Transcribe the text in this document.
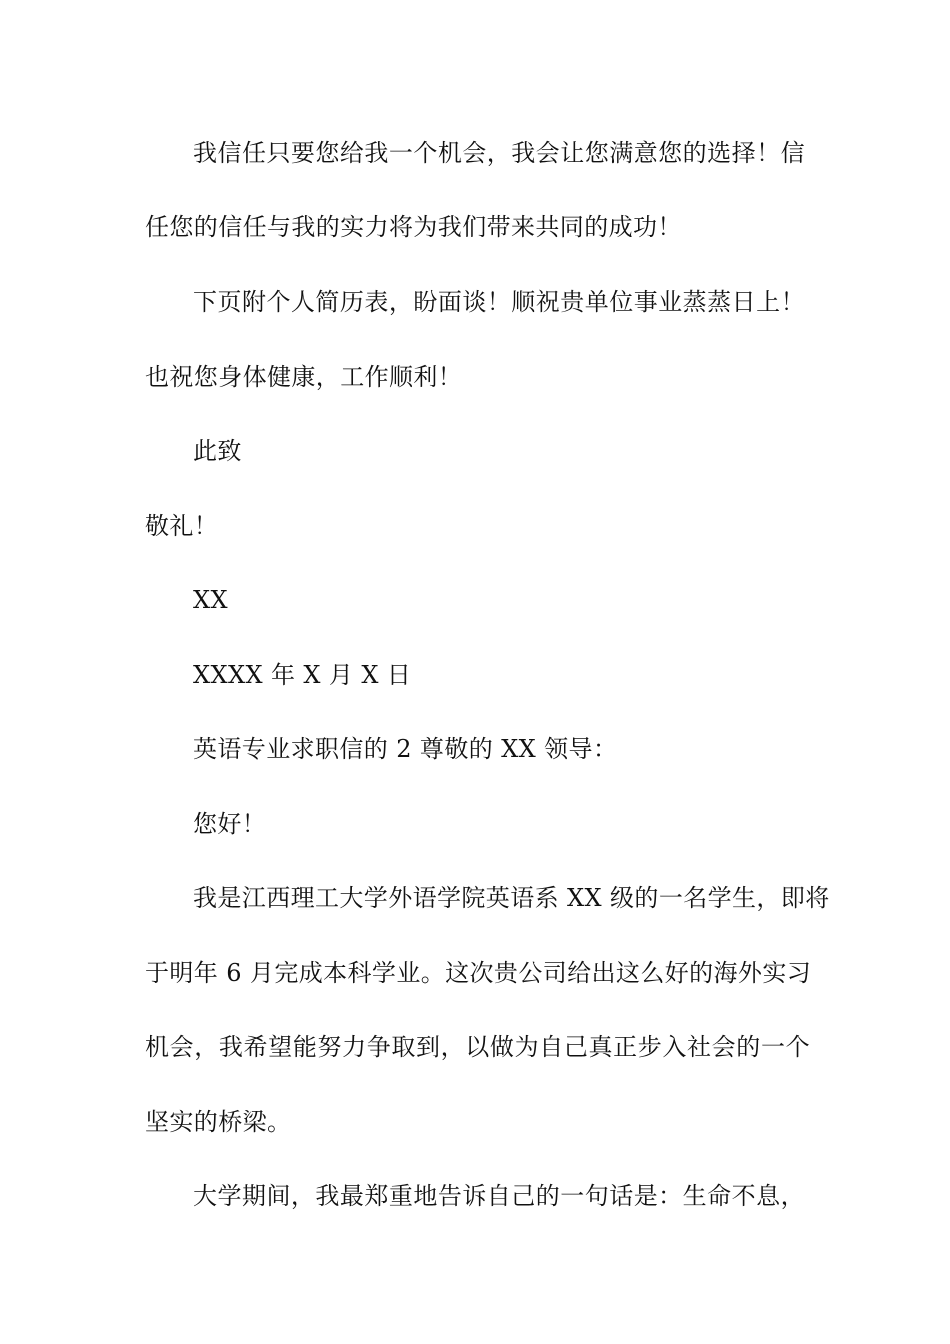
我信任只要您给我一个机会，我会让您满意您的选择！信
任您的信任与我的实力将为我们带来共同的成功！
下页附个人简历表，盼面谈！顺祝贵单位事业蒸蒸日上！
也祝您身体健康，工作顺利！
此致
敬礼！
XX
XXXX 年 X 月 X 日
英语专业求职信的 2 尊敬的 XX 领导：
您好！
我是江西理工大学外语学院英语系 XX 级的一名学生，即将
于明年 6 月完成本科学业。这次贵公司给出这么好的海外实习
机会，我希望能努力争取到，以做为自己真正步入社会的一个
坚实的桥梁。
大学期间，我最郑重地告诉自己的一句话是：生命不息，
